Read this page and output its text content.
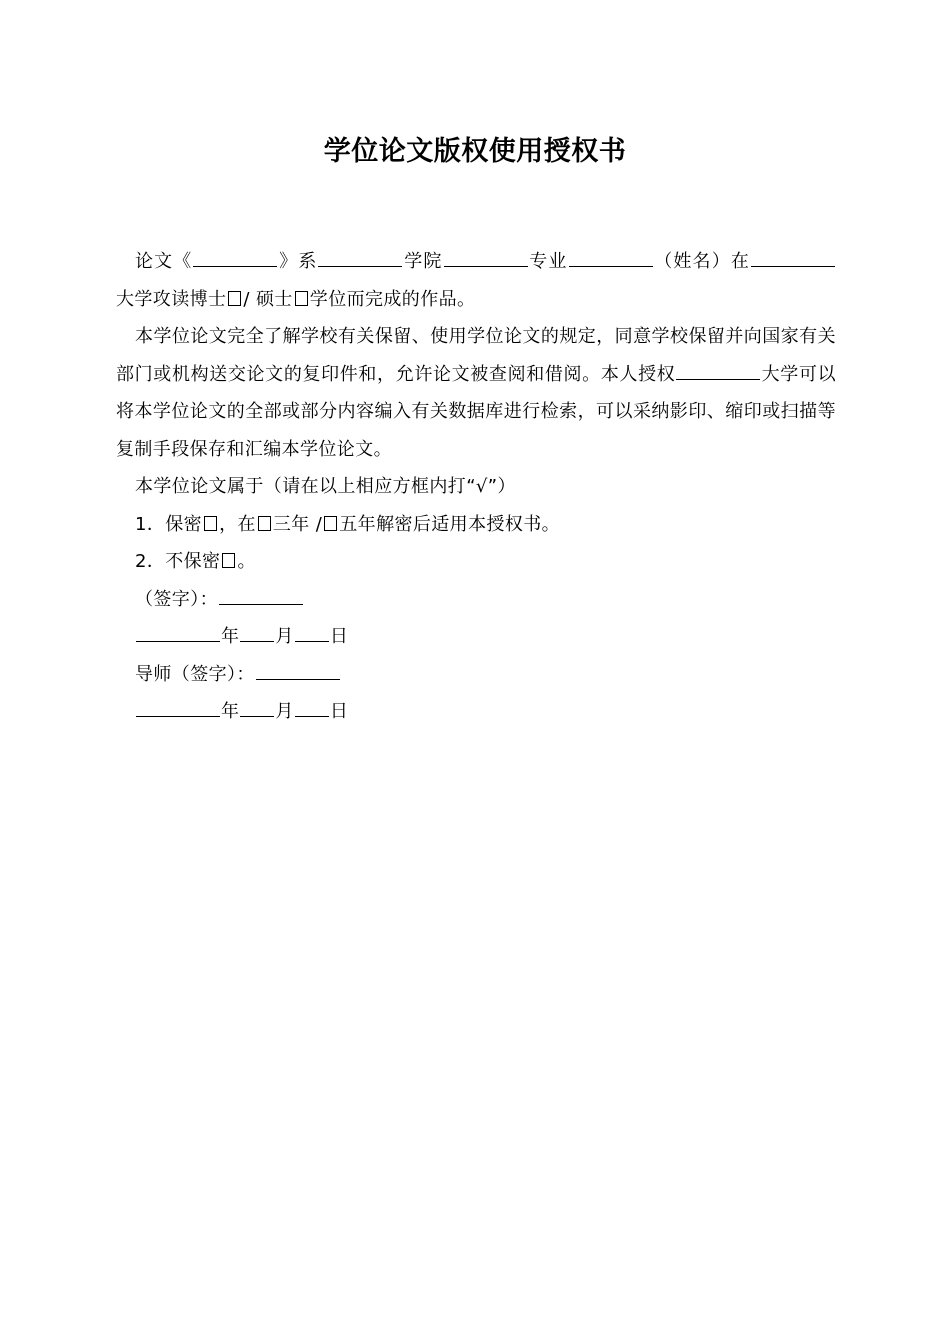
学位论文版权使用授权书

论文《	》系	学院	专业	（姓名）在大学攻读博士 / 硕士 学位而完成的作品。

本学位论文完全了解学校有关保留、使用学位论文的规定，同意学校保留并向国家有关部门或机构送交论文的复印件和，允许论文被查阅和借阅。本人授权	大学可以将本学位论文的全部或部分内容编入有关数据库进行检索，可以采纳影印、缩印或扫描等复制手段保存和汇编本学位论文。

本学位论文属于（请在以上相应方框内打“√”）

1．保密 ，在 三年 / 五年解密后适用本授权书。

2．不保密 。

（签字）：

年 月 日

导师（签字）：

年 月 日
